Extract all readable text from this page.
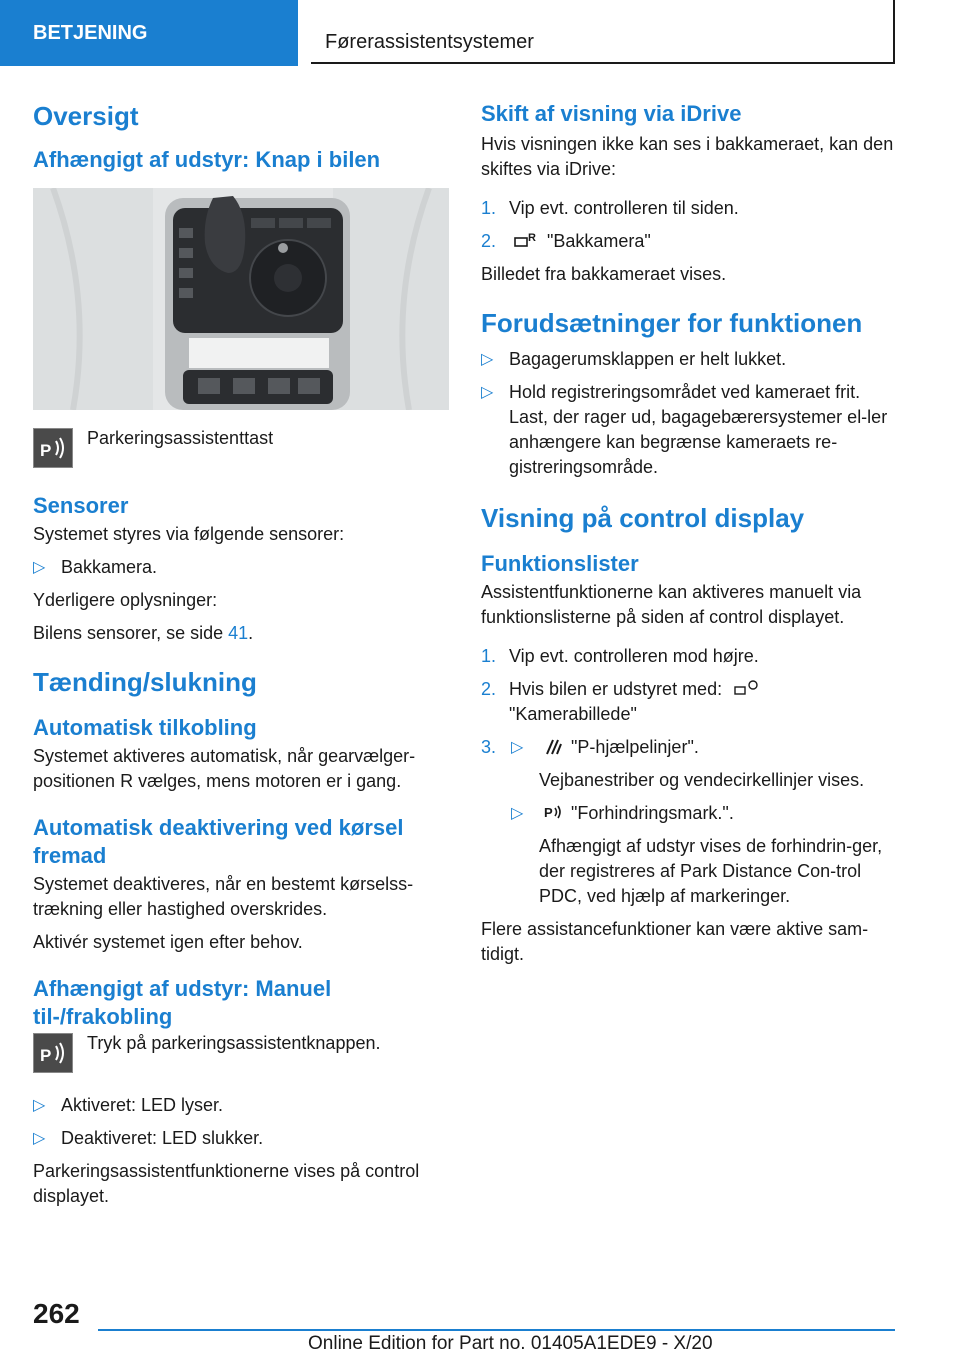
BETJENING	Førerassistentsystemer
Oversigt
Afhængigt af udstyr: Knap i bilen
P
Parkeringsassistenttast
Sensorer
Systemet styres via følgende sensorer:
▷ Bakkamera.
Yderligere oplysninger:
Bilens sensorer, se side 41.
Tænding/slukning
Automatisk tilkobling
Systemet aktiveres automatisk, når gearvælger-positionen R vælges, mens motoren er i gang.
Automatisk deaktivering ved kørsel fremad
Systemet deaktiveres, når en bestemt kørselss-trækning eller hastighed overskrides.
Aktivér systemet igen efter behov.
Afhængigt af udstyr: Manuel til-/frakobling
P
Tryk på parkeringsassistentknappen.
▷ Aktiveret: LED lyser.
▷ Deaktiveret: LED slukker.
Parkeringsassistentfunktionerne vises på control displayet.
Skift af visning via iDrive
Hvis visningen ikke kan ses i bakkameraet, kan den skiftes via iDrive:
1. Vip evt. controlleren til siden.
2.	R "Bakkamera"
Billedet fra bakkameraet vises.
Forudsætninger for funktionen
▷ Bagagerumsklappen er helt lukket.
▷ Hold registreringsområdet ved kameraet frit. Last, der rager ud, bagagebærersystemer el-ler anhængere kan begrænse kameraets re-gistreringsområde.
Visning på control display
Funktionslister
Assistentfunktionerne kan aktiveres manuelt via funktionslisterne på siden af control displayet.
1. Vip evt. controlleren mod højre.
2. Hvis bilen er udstyret med:
"Kamerabillede"
3. ▷	"P-hjælpelinjer".
Vejbanestriber og vendecirkellinjer vises.
▷ P "Forhindringsmark.".
Afhængigt af udstyr vises de forhindrin-ger, der registreres af Park Distance Con-trol PDC, ved hjælp af markeringer.
Flere assistancefunktioner kan være aktive sam-tidigt.
262
Online Edition for Part no. 01405A1EDE9 - X/20
